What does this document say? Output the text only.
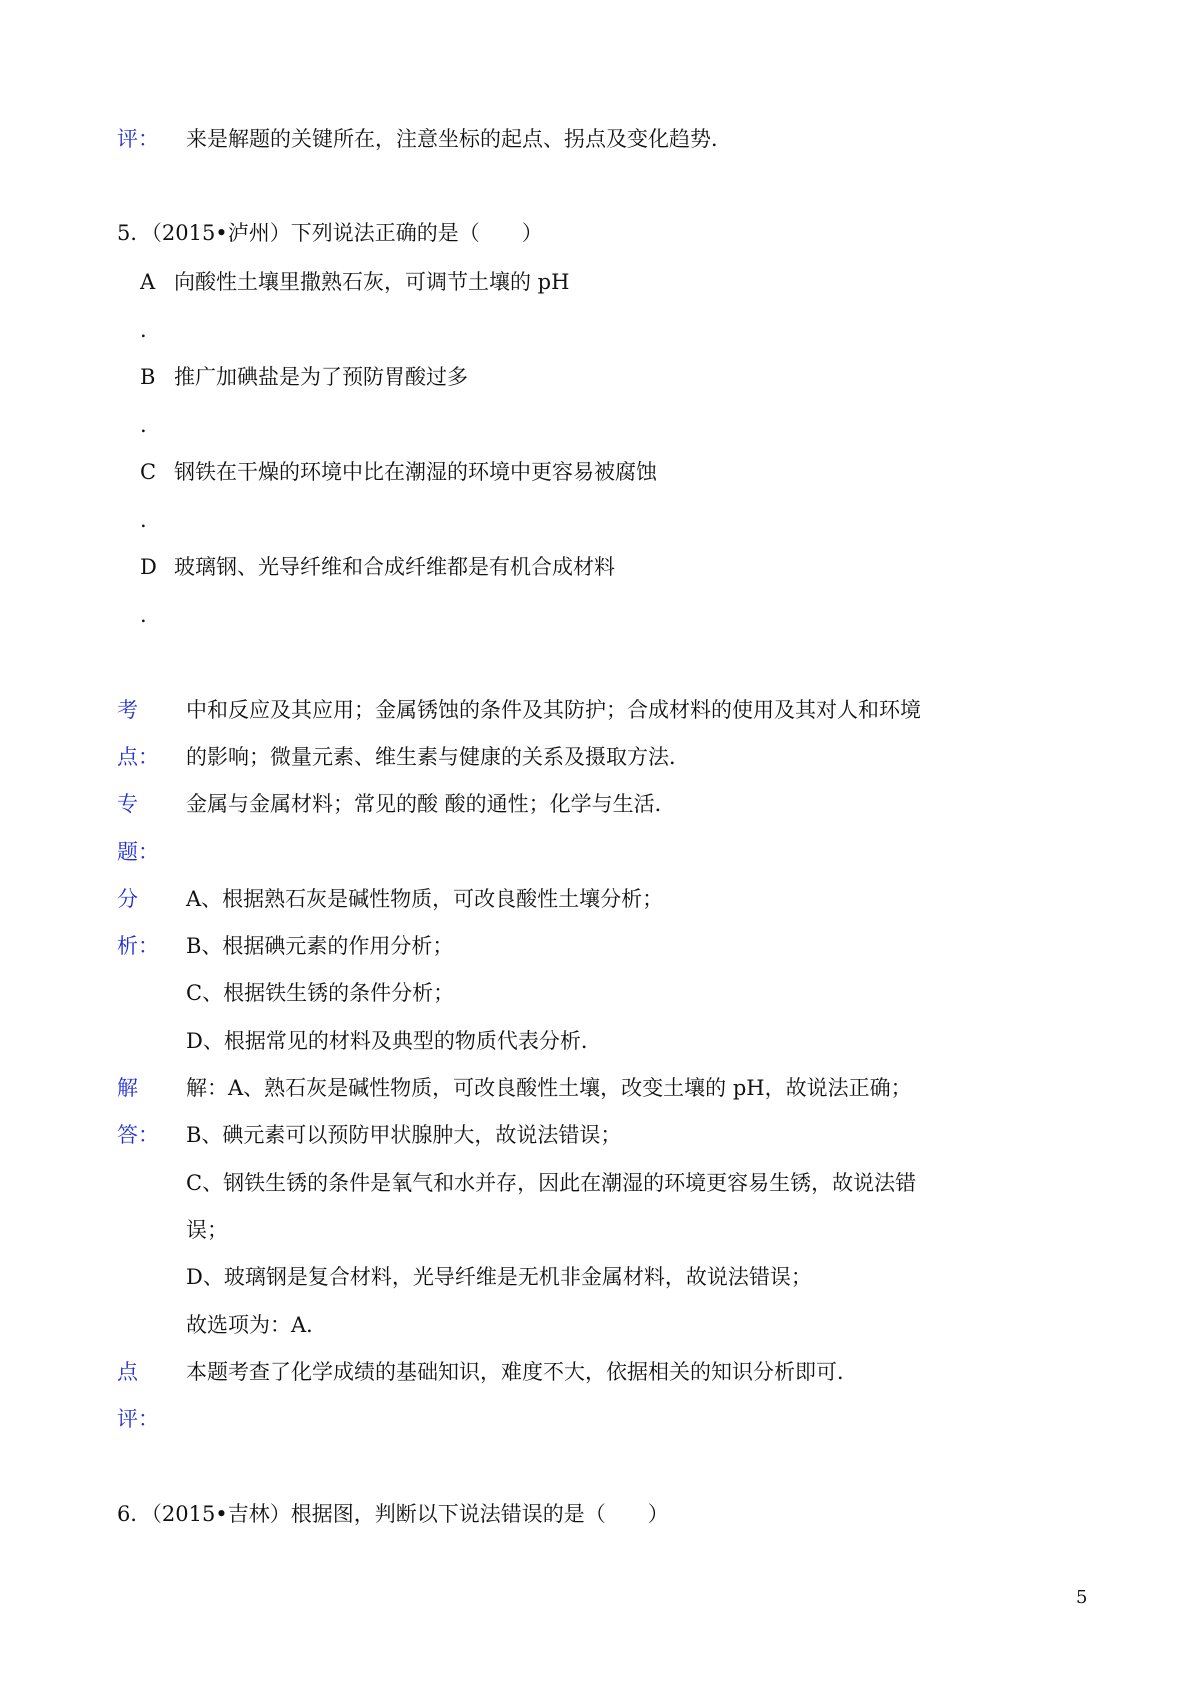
评： 来是解题的关键所在，注意坐标的起点、拐点及变化趋势．
5．（2015•泸州）下列说法正确的是（　　）
A 向酸性土壤里撒熟石灰，可调节土壤的 pH
.
B 推广加碘盐是为了预防胃酸过多
.
C 钢铁在干燥的环境中比在潮湿的环境中更容易被腐蚀
.
D 玻璃钢、光导纤维和合成纤维都是有机合成材料
.
考
点：
中和反应及其应用；金属锈蚀的条件及其防护；合成材料的使用及其对人和环境
的影响；微量元素、维生素与健康的关系及摄取方法．
专
题：
金属与金属材料；常见的酸 酸的通性；化学与生活．
分
析：
A、根据熟石灰是碱性物质，可改良酸性土壤分析；
B、根据碘元素的作用分析；
C、根据铁生锈的条件分析；
D、根据常见的材料及典型的物质代表分析．
解
答：
解：A、熟石灰是碱性物质，可改良酸性土壤，改变土壤的 pH，故说法正确；
B、碘元素可以预防甲状腺肿大，故说法错误；
C、钢铁生锈的条件是氧气和水并存，因此在潮湿的环境更容易生锈，故说法错
误；
D、玻璃钢是复合材料，光导纤维是无机非金属材料，故说法错误；
故选项为：A．
点
评：
本题考查了化学成绩的基础知识，难度不大，依据相关的知识分析即可．
6．（2015•吉林）根据图，判断以下说法错误的是（　　）
5
